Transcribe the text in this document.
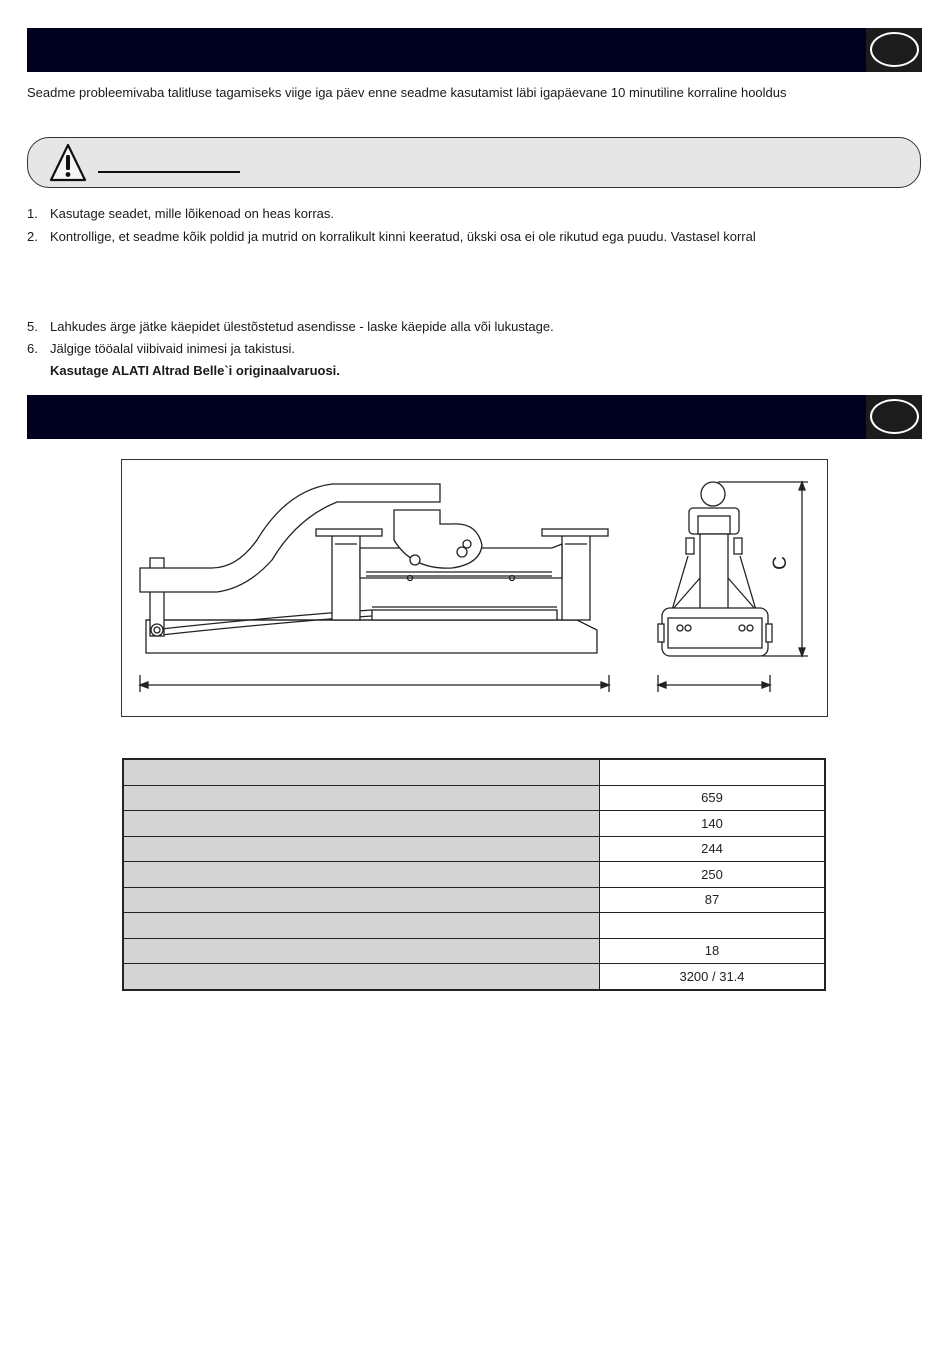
Seadme probleemivaba talitluse tagamiseks viige iga päev enne seadme kasutamist läbi igapäevane 10 minutiline korraline hooldus
1. Kasutage seadet, mille lõikenoad on heas korras.
2. Kontrollige, et seadme kõik poldid ja mutrid on korralikult kinni keeratud, ükski osa ei ole rikutud ega puudu. Vastasel korral
5. Lahkudes ärge jätke käepidet ülestõstetud asendisse - laske käepide alla või lukustage.
6. Jälgige tööalal viibivaid inimesi ja takistusi.
Kasutage ALATI Altrad Belle`i originaalvaruosi.
C

	659
	140
	244
	250
	87

	18
	3200 / 31.4
